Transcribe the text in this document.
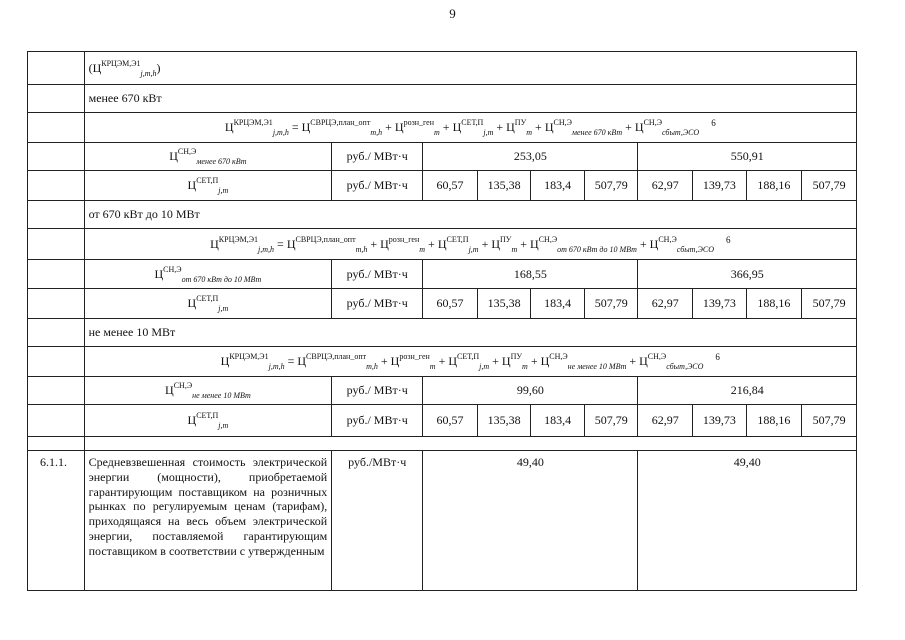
9
	$(Ц^{КРЦЭМ,Э1}_{j,m,h})$									
	менее 670 кВт									
	$Ц^{КРЦЭМ,Э1}_{j,m,h} = Ц^{СВРЦЭ,план\_опт}_{m,h} + Ц^{розн\_ген}_m + Ц^{СЕТ,П}_{j,m} + Ц^{ПУ}_m + Ц^{СН,Э}_{менее 670 кВт} + Ц^{СН,Э}_{сбыт,ЭСО}^6$
	$Ц^{СН,Э}_{менее 670 кВт}$	руб./ МВт·ч	253,05				550,91			
	$Ц^{СЕТ,П}_{j,m}$	руб./ МВт·ч	60,57	135,38	183,4	507,79	62,97	139,73	188,16	507,79
	от 670 кВт до 10 МВт									
	$Ц^{КРЦЭМ,Э1}_{j,m,h} = Ц^{СВРЦЭ,план\_опт}_{m,h} + Ц^{розн\_ген}_m + Ц^{СЕТ,П}_{j,m} + Ц^{ПУ}_m + Ц^{СН,Э}_{от 670 кВт до 10 МВт} + Ц^{СН,Э}_{сбыт,ЭСО}^6$
	$Ц^{СН,Э}_{от 670 кВт до 10 МВт}$	руб./ МВт·ч	168,55				366,95			
	$Ц^{СЕТ,П}_{j,m}$	руб./ МВт·ч	60,57	135,38	183,4	507,79	62,97	139,73	188,16	507,79
	не менее 10 МВт									
	$Ц^{КРЦЭМ,Э1}_{j,m,h} = Ц^{СВРЦЭ,план\_опт}_{m,h} + Ц^{розн\_ген}_m + Ц^{СЕТ,П}_{j,m} + Ц^{ПУ}_m + Ц^{СН,Э}_{не менее 10 МВт} + Ц^{СН,Э}_{сбыт,ЭСО}^6$
	$Ц^{СН,Э}_{не менее 10 МВт}$	руб./ МВт·ч	99,60				216,84			
	$Ц^{СЕТ,П}_{j,m}$	руб./ МВт·ч	60,57	135,38	183,4	507,79	62,97	139,73	188,16	507,79

6.1.1.	Средневзвешенная стоимость электрической энергии (мощности), приобретаемой гарантирующим поставщиком на розничных рынках по регулируемым ценам (тарифам), приходящаяся на весь объем электрической энергии, поставляемой гарантирующим поставщиком в соответствии с утвержденным	руб./МВт·ч	49,40				49,40			
